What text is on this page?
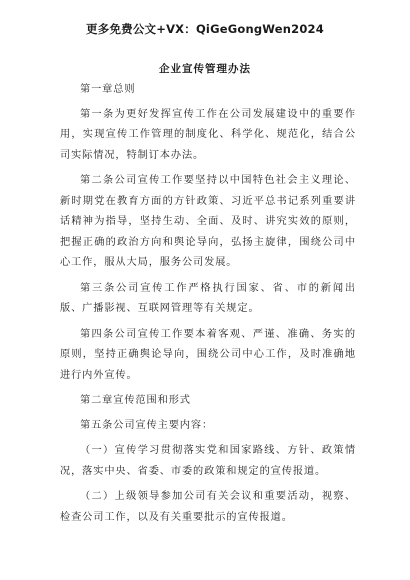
更多免费公文+VX：QiGeGongWen2024
企业宣传管理办法

第一章总则

第一条为更好发挥宣传工作在公司发展建设中的重要作用，实现宣传工作管理的制度化、科学化、规范化，结合公司实际情况，特制订本办法。

第二条公司宣传工作要坚持以中国特色社会主义理论、新时期党在教育方面的方针政策、习近平总书记系列重要讲话精神为指导，坚持生动、全面、及时、讲究实效的原则，把握正确的政治方向和舆论导向，弘扬主旋律，围绕公司中心工作，服从大局，服务公司发展。

第三条公司宣传工作严格执行国家、省、市的新闻出版、广播影视、互联网管理等有关规定。

第四条公司宣传工作要本着客观、严谨、准确、务实的原则，坚持正确舆论导向，围绕公司中心工作，及时准确地进行内外宣传。

第二章宣传范围和形式

第五条公司宣传主要内容：

（一）宣传学习贯彻落实党和国家路线、方针、政策情况，落实中央、省委、市委的政策和规定的宣传报道。

（二）上级领导参加公司有关会议和重要活动，视察、检查公司工作，以及有关重要批示的宣传报道。
